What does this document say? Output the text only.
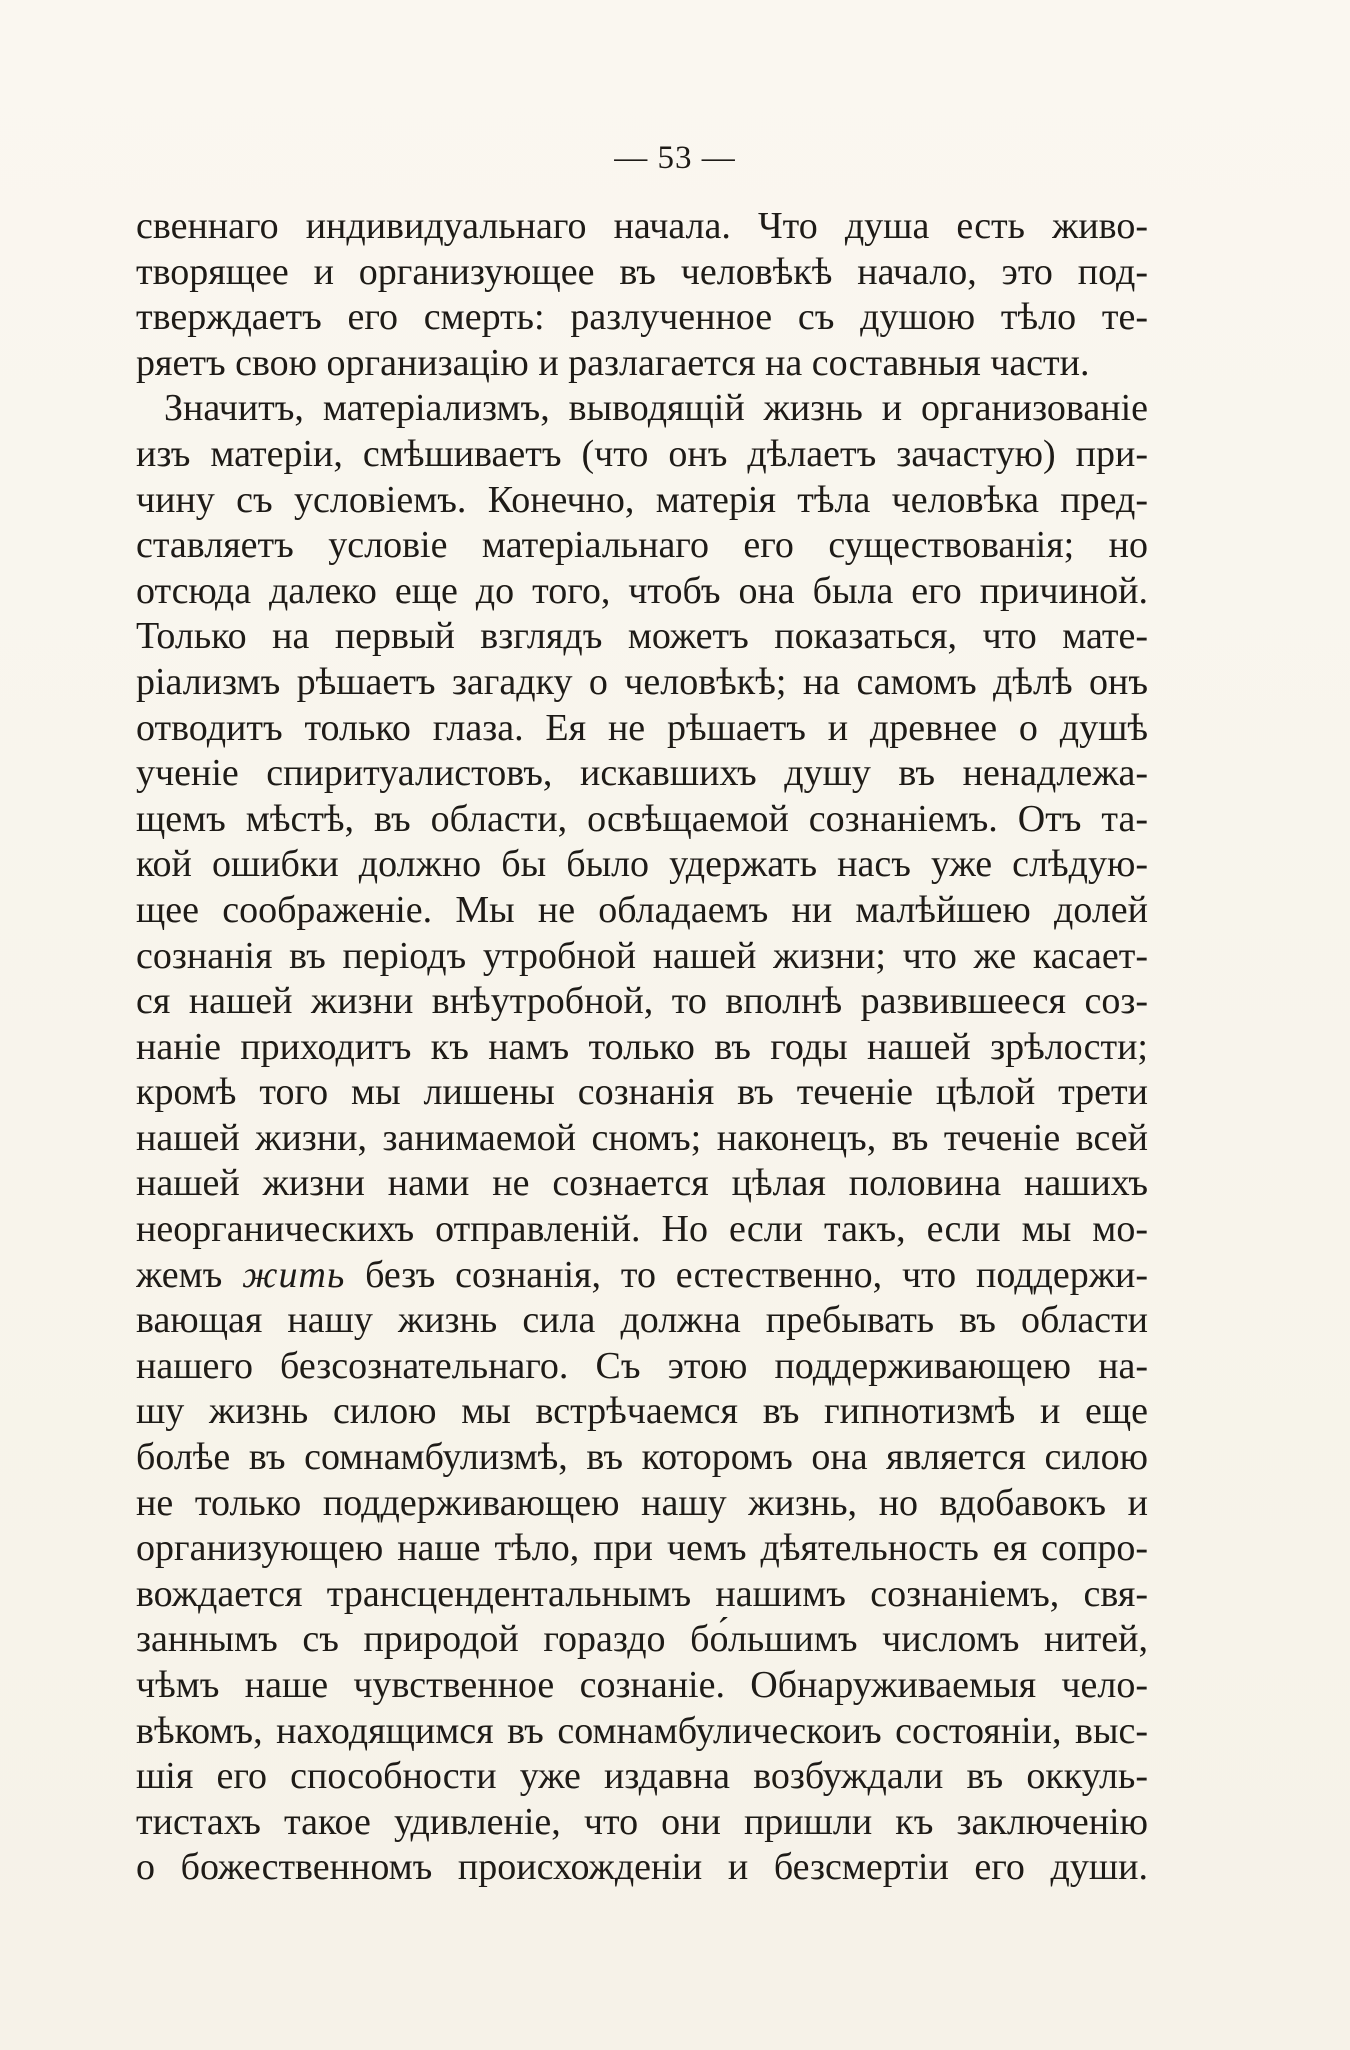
— 53 —
свеннаго индивидуальнаго начала. Что душа есть живо-
творящее и организующее въ человѣкѣ начало, это под-
тверждаетъ его смерть: разлученное съ душою тѣло те-
ряетъ свою организацію и разлагается на составныя части.
Значитъ, матеріализмъ, выводящій жизнь и организованіе
изъ матеріи, смѣшиваетъ (что онъ дѣлаетъ зачастую) при-
чину съ условіемъ. Конечно, матерія тѣла человѣка пред-
ставляетъ условіе матеріальнаго его существованія; но
отсюда далеко еще до того, чтобъ она была его причиной.
Только на первый взглядъ можетъ показаться, что мате-
ріализмъ рѣшаетъ загадку о человѣкѣ; на самомъ дѣлѣ онъ
отводитъ только глаза. Ея не рѣшаетъ и древнее о душѣ
ученіе спиритуалистовъ, искавшихъ душу въ ненадлежа-
щемъ мѣстѣ, въ области, освѣщаемой сознаніемъ. Отъ та-
кой ошибки должно бы было удержать насъ уже слѣдую-
щее соображеніе. Мы не обладаемъ ни малѣйшею долей
сознанія въ періодъ утробной нашей жизни; что же касает-
ся нашей жизни внѣутробной, то вполнѣ развившееся соз-
наніе приходитъ къ намъ только въ годы нашей зрѣлости;
кромѣ того мы лишены сознанія въ теченіе цѣлой трети
нашей жизни, занимаемой сномъ; наконецъ, въ теченіе всей
нашей жизни нами не сознается цѣлая половина нашихъ
неорганическихъ отправленій. Но если такъ, если мы мо-
жемъ жить безъ сознанія, то естественно, что поддержи-
вающая нашу жизнь сила должна пребывать въ области
нашего безсознательнаго. Съ этою поддерживающею на-
шу жизнь силою мы встрѣчаемся въ гипнотизмѣ и еще
болѣе въ сомнамбулизмѣ, въ которомъ она является силою
не только поддерживающею нашу жизнь, но вдобавокъ и
организующею наше тѣло, при чемъ дѣятельность ея сопро-
вождается трансцендентальнымъ нашимъ сознаніемъ, свя-
заннымъ съ природой гораздо бо́льшимъ числомъ нитей,
чѣмъ наше чувственное сознаніе. Обнаруживаемыя чело-
вѣкомъ, находящимся въ сомнамбулическоиъ состояніи, выс-
шія его способности уже издавна возбуждали въ оккуль-
тистахъ такое удивленіе, что они пришли къ заключенію
о божественномъ происхожденіи и безсмертіи его души.
